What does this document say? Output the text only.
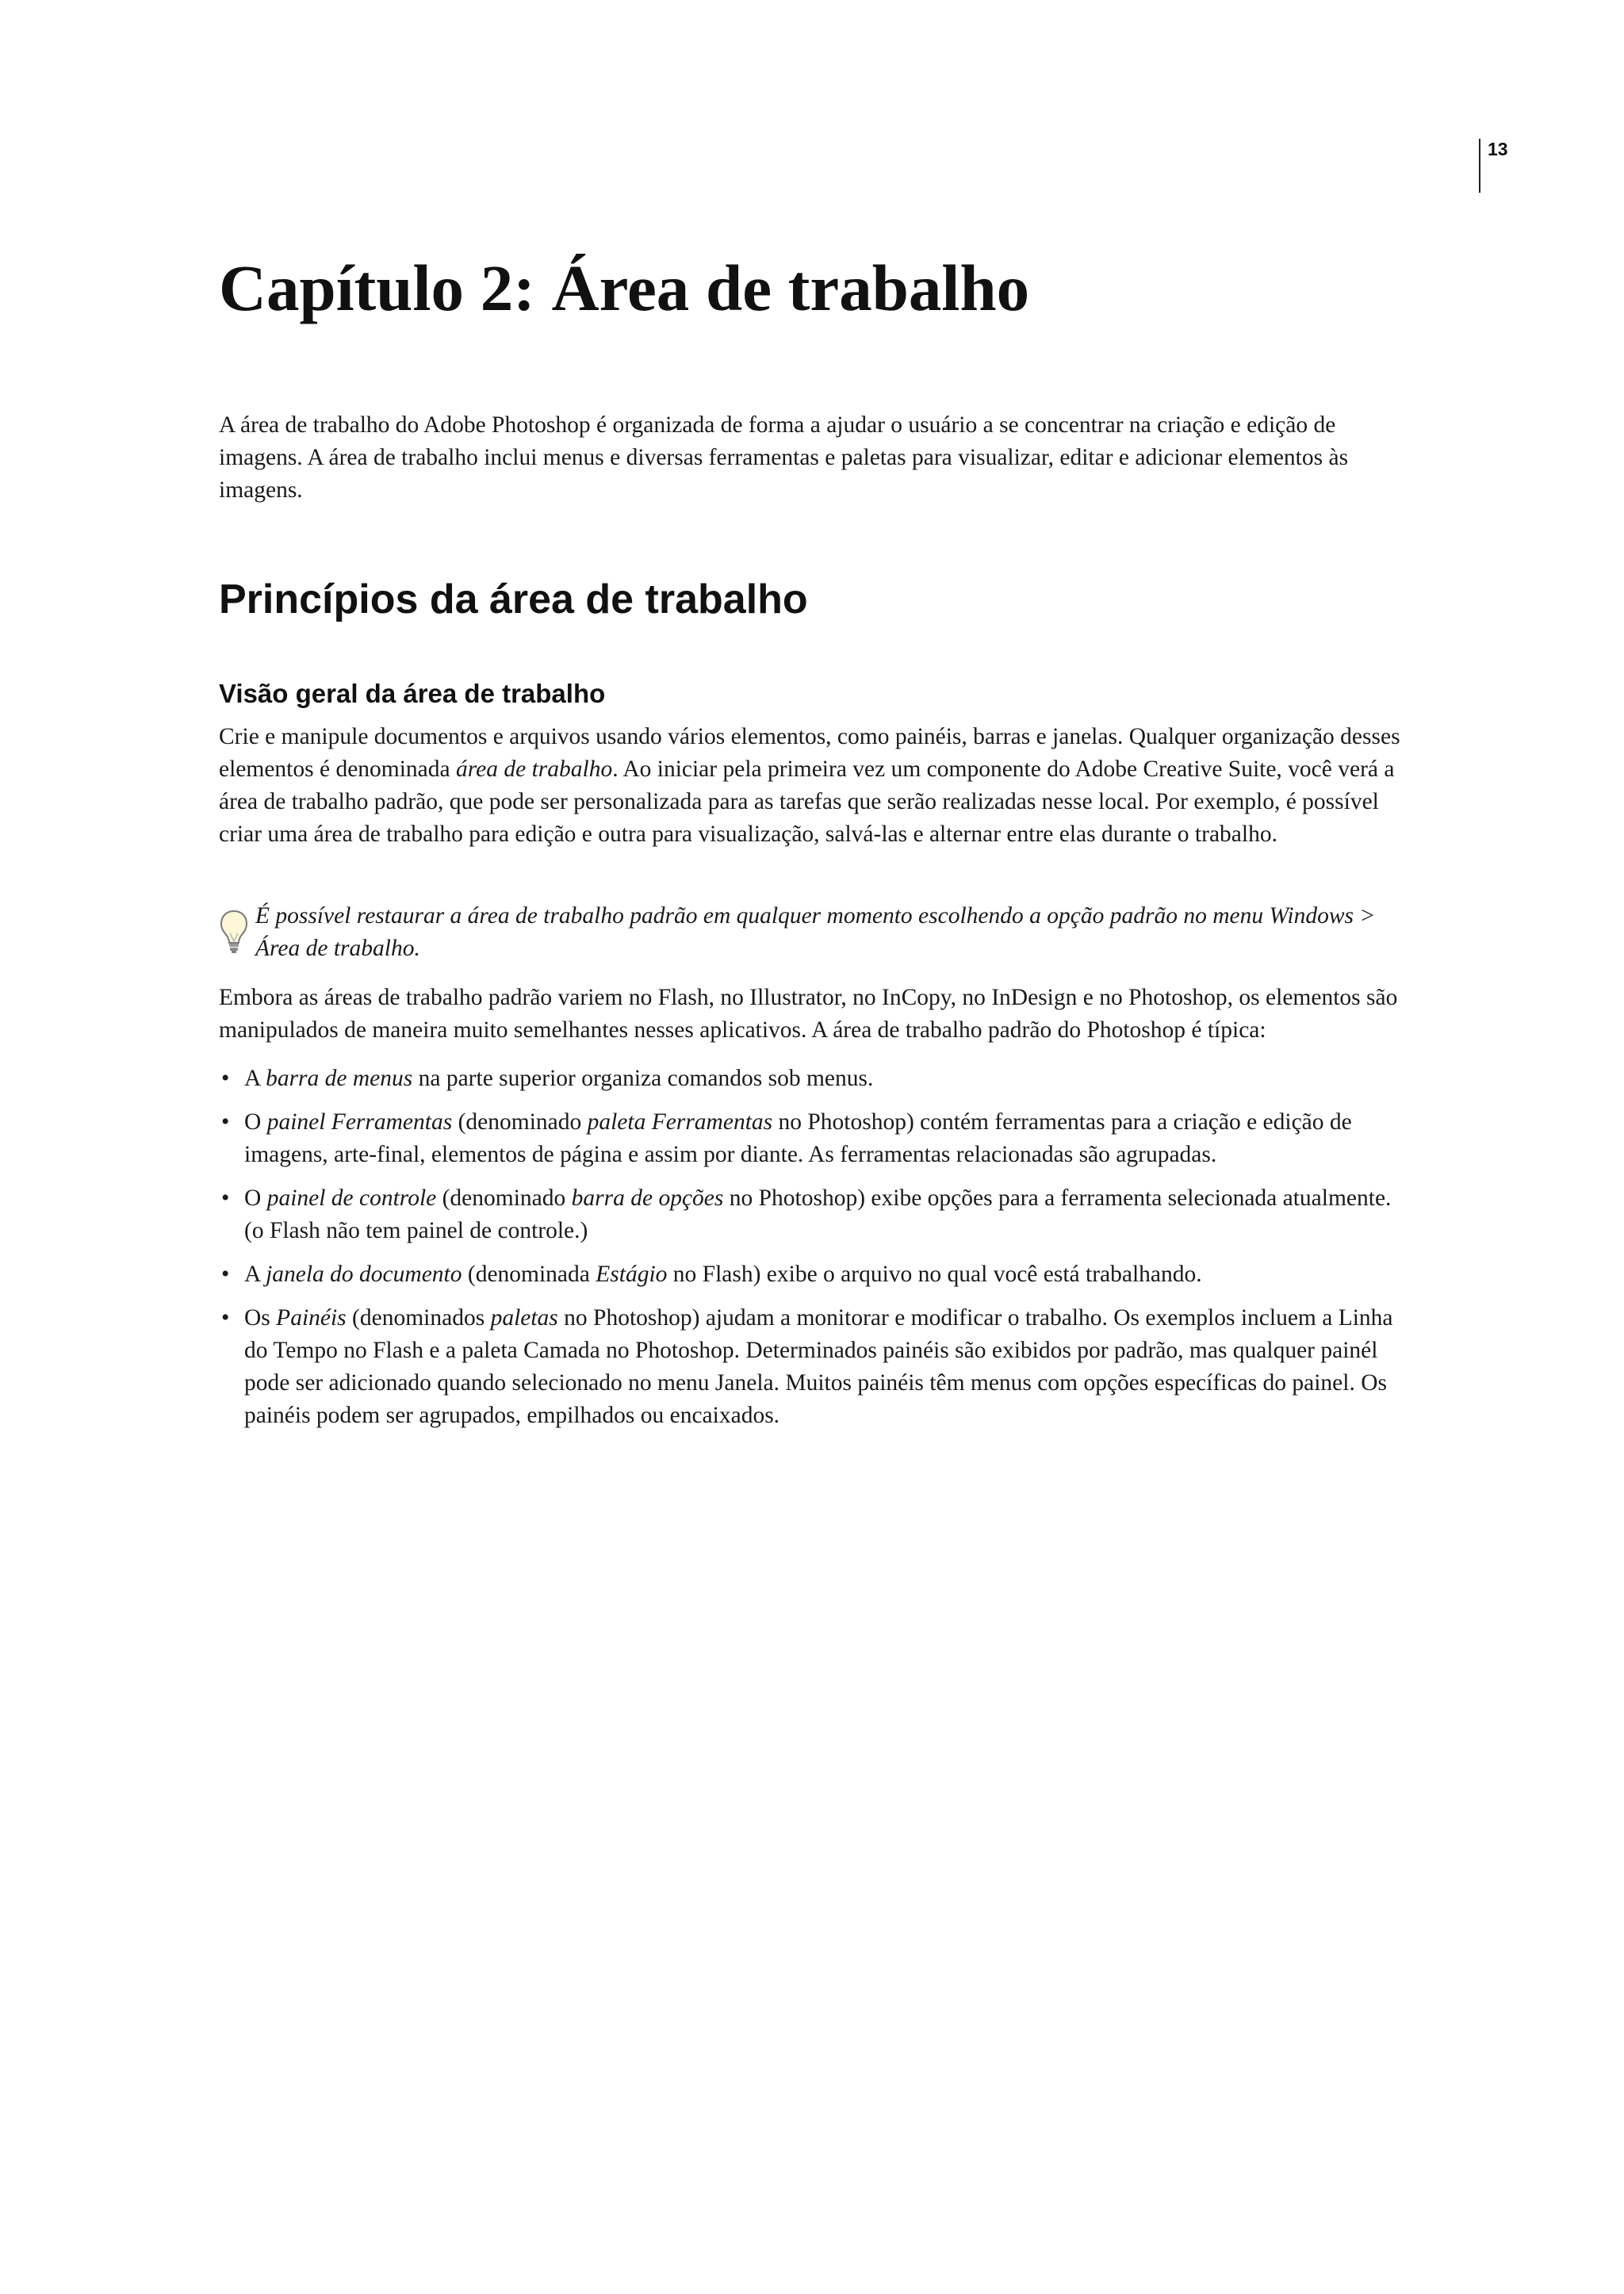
13
Capítulo 2: Área de trabalho

A área de trabalho do Adobe Photoshop é organizada de forma a ajudar o usuário a se concentrar na criação e edição de imagens. A área de trabalho inclui menus e diversas ferramentas e paletas para visualizar, editar e adicionar elementos às imagens.

Princípios da área de trabalho
Visão geral da área de trabalho

Crie e manipule documentos e arquivos usando vários elementos, como painéis, barras e janelas. Qualquer organização desses elementos é denominada área de trabalho. Ao iniciar pela primeira vez um componente do Adobe Creative Suite, você verá a área de trabalho padrão, que pode ser personalizada para as tarefas que serão realizadas nesse local. Por exemplo, é possível criar uma área de trabalho para edição e outra para visualização, salvá-las e alternar entre elas durante o trabalho.

É possível restaurar a área de trabalho padrão em qualquer momento escolhendo a opção padrão no menu Windows > Área de trabalho.

Embora as áreas de trabalho padrão variem no Flash, no Illustrator, no InCopy, no InDesign e no Photoshop, os elementos são manipulados de maneira muito semelhantes nesses aplicativos. A área de trabalho padrão do Photoshop é típica:

• A barra de menus na parte superior organiza comandos sob menus.
• O painel Ferramentas (denominado paleta Ferramentas no Photoshop) contém ferramentas para a criação e edição de imagens, arte-final, elementos de página e assim por diante. As ferramentas relacionadas são agrupadas.
• O painel de controle (denominado barra de opções no Photoshop) exibe opções para a ferramenta selecionada atualmente. (o Flash não tem painel de controle.)
• A janela do documento (denominada Estágio no Flash) exibe o arquivo no qual você está trabalhando.
• Os Painéis (denominados paletas no Photoshop) ajudam a monitorar e modificar o trabalho. Os exemplos incluem a Linha do Tempo no Flash e a paleta Camada no Photoshop. Determinados painéis são exibidos por padrão, mas qualquer painél pode ser adicionado quando selecionado no menu Janela. Muitos painéis têm menus com opções específicas do painel. Os painéis podem ser agrupados, empilhados ou encaixados.
